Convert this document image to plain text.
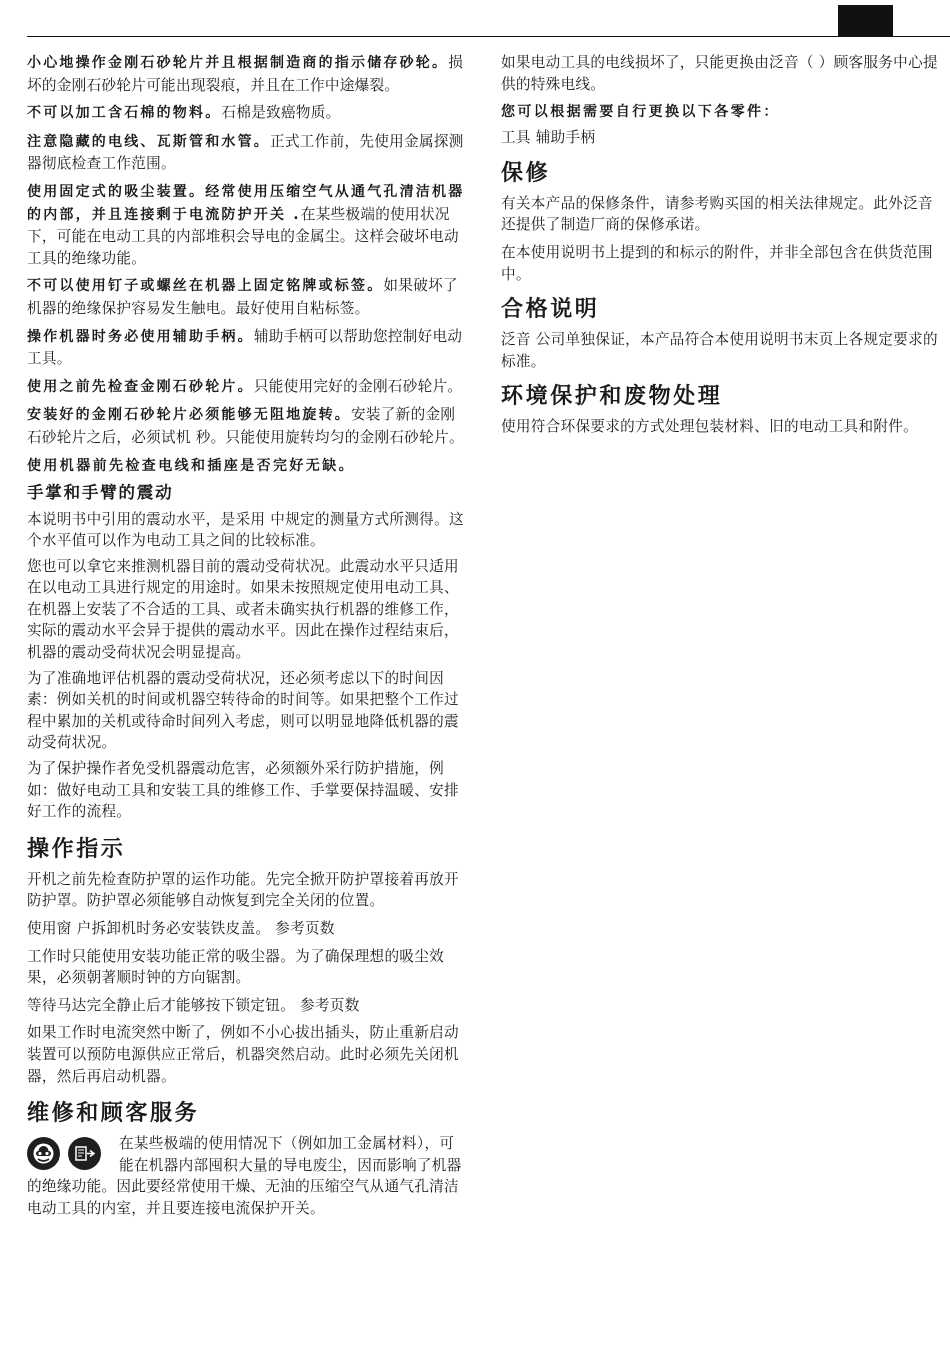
小心地操作金刚石砂轮片并且根据制造商的指示储存砂轮。损坏的金刚石砂轮片可能出现裂痕，并且在工作中途爆裂。

不可以加工含石棉的物料。石棉是致癌物质。

注意隐藏的电线、瓦斯管和水管。正式工作前，先使用金属探测器彻底检查工作范围。

使用固定式的吸尘装置。经常使用压缩空气从通气孔清洁机器的内部，并且连接剩于电流防护开关 .在某些极端的使用状况下，可能在电动工具的内部堆积会导电的金属尘。这样会破坏电动工具的绝缘功能。

不可以使用钉子或螺丝在机器上固定铭牌或标签。如果破坏了机器的绝缘保护容易发生触电。最好使用自粘标签。

操作机器时务必使用辅助手柄。辅助手柄可以帮助您控制好电动工具。

使用之前先检查金刚石砂轮片。只能使用完好的金刚石砂轮片。

安装好的金刚石砂轮片必须能够无阻地旋转。安装了新的金刚石砂轮片之后，必须试机 秒。只能使用旋转均匀的金刚石砂轮片。

使用机器前先检查电线和插座是否完好无缺。

手掌和手臂的震动

本说明书中引用的震动水平，是采用 中规定的测量方式所测得。这个水平值可以作为电动工具之间的比较标准。

您也可以拿它来推测机器目前的震动受荷状况。此震动水平只适用在以电动工具进行规定的用途时。如果未按照规定使用电动工具、在机器上安装了不合适的工具、或者未确实执行机器的维修工作，实际的震动水平会异于提供的震动水平。因此在操作过程结束后，机器的震动受荷状况会明显提高。

为了准确地评估机器的震动受荷状况，还必须考虑以下的时间因素：例如关机的时间或机器空转待命的时间等。如果把整个工作过程中累加的关机或待命时间列入考虑，则可以明显地降低机器的震动受荷状况。

为了保护操作者免受机器震动危害，必须额外采行防护措施，例如：做好电动工具和安装工具的维修工作、手掌要保持温暖、安排好工作的流程。

操作指示

开机之前先检查防护罩的运作功能。先完全掀开防护罩接着再放开防护罩。防护罩必须能够自动恢复到完全关闭的位置。

使用窗 户拆卸机时务必安装铁皮盖。 参考页数

工作时只能使用安装功能正常的吸尘器。为了确保理想的吸尘效果，必须朝著顺时钟的方向锯割。

等待马达完全静止后才能够按下锁定钮。 参考页数

如果工作时电流突然中断了，例如不小心拔出插头，防止重新启动装置可以预防电源供应正常后，机器突然启动。此时必须先关闭机器，然后再启动机器。

维修和顾客服务

在某些极端的使用情况下（例如加工金属材料），可能在机器内部囤积大量的导电废尘，因而影响了机器的绝缘功能。因此要经常使用干燥、无油的压缩空气从通气孔清洁电动工具的内室，并且要连接电流保护开关。

如果电动工具的电线损坏了，只能更换由泛音（ ）顾客服务中心提供的特殊电线。

您可以根据需要自行更换以下各零件：

工具 辅助手柄

保修

有关本产品的保修条件，请参考购买国的相关法律规定。此外泛音 还提供了制造厂商的保修承诺。

在本使用说明书上提到的和标示的附件，并非全部包含在供货范围中。

合格说明

泛音 公司单独保证，本产品符合本使用说明书末页上各规定要求的标准。

环境保护和废物处理

使用符合环保要求的方式处理包装材料、旧的电动工具和附件。
